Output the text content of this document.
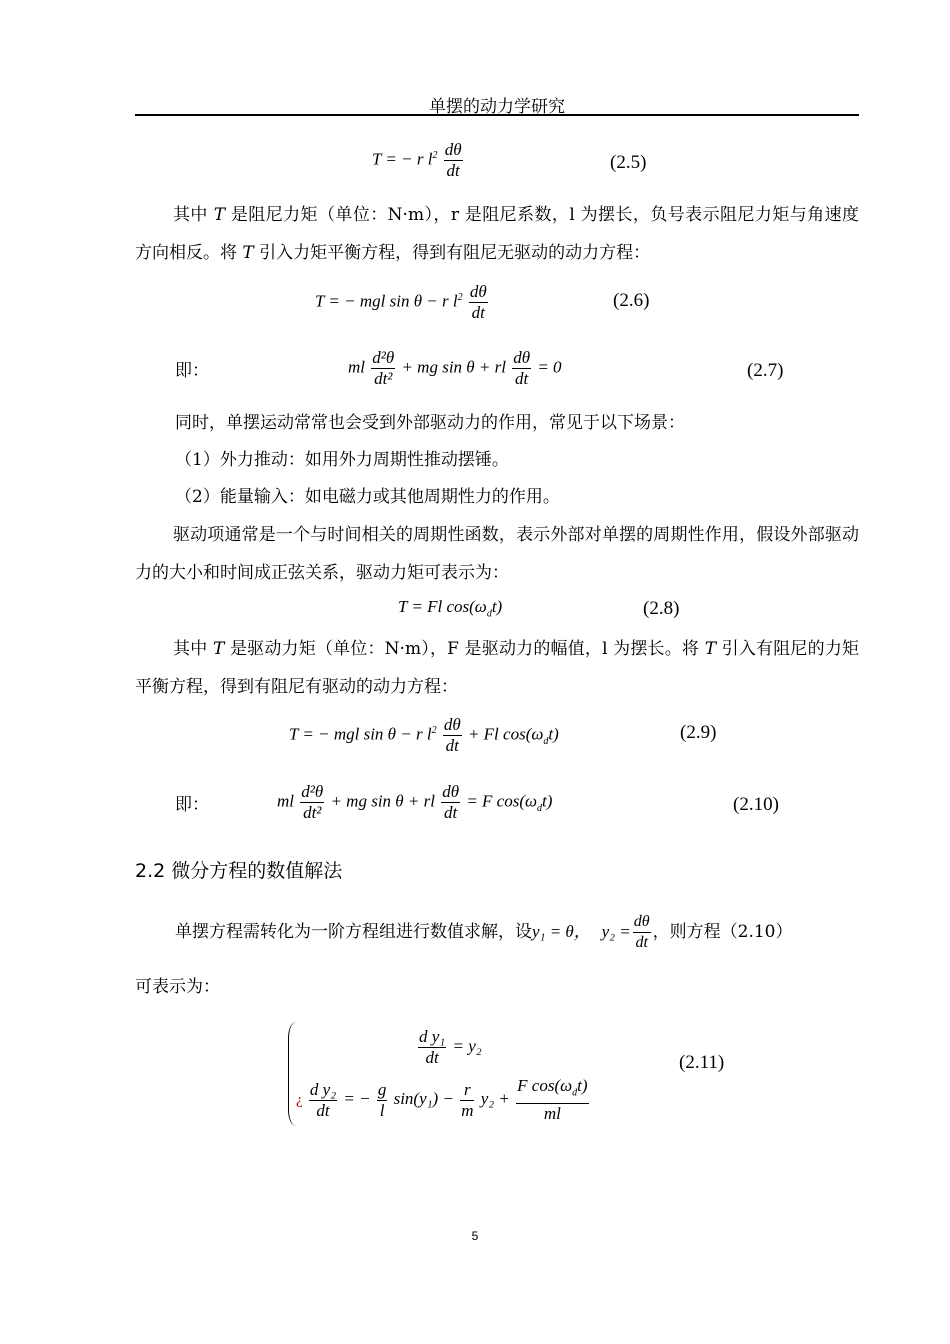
单摆的动力学研究
T = − r $l^2 \frac{d\theta}{dt}$	(2.5)
其中 T 是阻尼力矩（单位：N·m），r 是阻尼系数，l 为摆长，负号表示阻尼力矩与角速度方向相反。将 T 引入力矩平衡方程，得到有阻尼无驱动的动力方程：
T = − mgl sin θ − r $l^2 \frac{d\theta}{dt}$	(2.6)
即：	ml $\frac{\text{d²θ}}{\text{dt²}}$ + mg sin θ + rl $\frac{d\theta}{dt} = 0$	(2.7)
同时，单摆运动常常也会受到外部驱动力的作用，常见于以下场景：
（1）外力推动：如用外力周期性推动摆锤。
（2）能量输入：如电磁力或其他周期性力的作用。
驱动项通常是一个与时间相关的周期性函数，表示外部对单摆的周期性作用，假设外部驱动力的大小和时间成正弦关系，驱动力矩可表示为：
T = Fl $\cos(\omega_dt)$	(2.8)
其中 T 是驱动力矩（单位：N·m），F 是驱动力的幅值，l 为摆长。将 T 引入有阻尼的力矩平衡方程，得到有阻尼有驱动的动力方程：
T = − mgl sin θ − r $l^2 \frac{d\theta}{dt} + Fl$ $\cos(\omega_dt)$	(2.9)
即：	ml $\frac{\text{d²θ}}{\text{dt²}}$ + mg sin θ + rl $\frac{d\theta}{dt} = F$ $\cos(\omega_dt)$	(2.10)
2.2 微分方程的数值解法
单摆方程需转化为一阶方程组进行数值求解，设y₁ = θ， $y_2 = \frac{d\theta}{dt}$ ，则方程（2.10）
可表示为：
$\frac{\text{d y₁}}{dt} = y_2$
¿ $\frac{\text{d y₂}}{dt}$ = − $\frac{g}{l} \sin(y_1) - \frac{r}{m} y_2 + \frac{F \cos(\omega_dt)}{ml}$
(2.11)
5
